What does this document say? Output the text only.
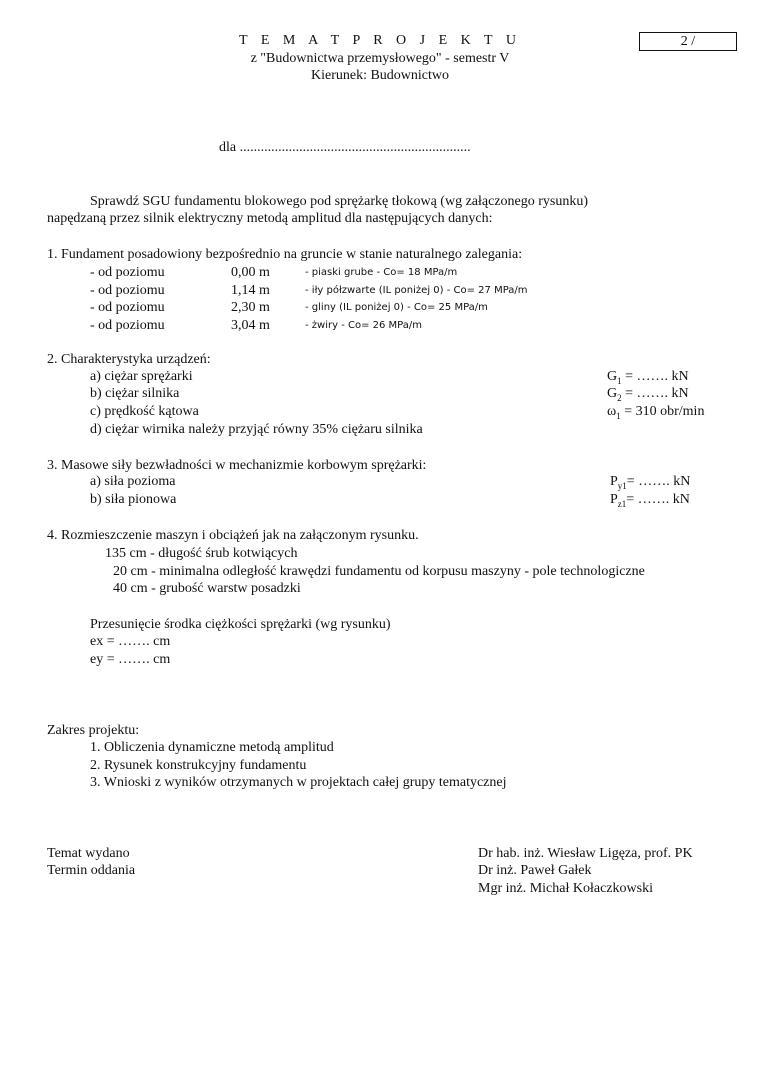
T E M A T P R O J E K T U	2 /
z "Budownictwa przemysłowego" - semestr V
Kierunek: Budownictwo
dla ..................................................................
Sprawdź SGU fundamentu blokowego pod sprężarkę tłokową (wg załączonego rysunku)
napędzaną przez silnik elektryczny metodą amplitud dla następujących danych:
1. Fundament posadowiony bezpośrednio na gruncie w stanie naturalnego zalegania:
- od poziomu	0,00 m	- piaski grube - Co= 18 MPa/m
- od poziomu	1,14 m	- iły półzwarte (IL poniżej 0) - Co= 27 MPa/m
- od poziomu	2,30 m	- gliny (IL poniżej 0) - Co= 25 MPa/m
- od poziomu	3,04 m	- żwiry - Co= 26 MPa/m
2. Charakterystyka urządzeń:
a) ciężar sprężarki	$G_1$ = ……. kN
b) ciężar silnika	$G_2$ = ……. kN
c) prędkość kątowa	$\omega_1 = 310$ obr/min
d) ciężar wirnika należy przyjąć równy 35% ciężaru silnika
3. Masowe siły bezwładności w mechanizmie korbowym sprężarki:
a) siła pozioma	$P_{y1}=$ ……. kN
b) siła pionowa	$P_{z1}=$ ……. kN
4. Rozmieszczenie maszyn i obciążeń jak na załączonym rysunku.
135 cm - długość śrub kotwiących
20 cm - minimalna odległość krawędzi fundamentu od korpusu maszyny - pole technologiczne
40 cm - grubość warstw posadzki
Przesunięcie środka ciężkości sprężarki (wg rysunku)
ex = ……. cm
ey = ……. cm
Zakres projektu:
1. Obliczenia dynamiczne metodą amplitud
2. Rysunek konstrukcyjny fundamentu
3. Wnioski z wyników otrzymanych w projektach całej grupy tematycznej
Temat wydano
Termin oddania
Dr hab. inż. Wiesław Ligęza, prof. PK
Dr inż. Paweł Gałek
Mgr inż. Michał Kołaczkowski
